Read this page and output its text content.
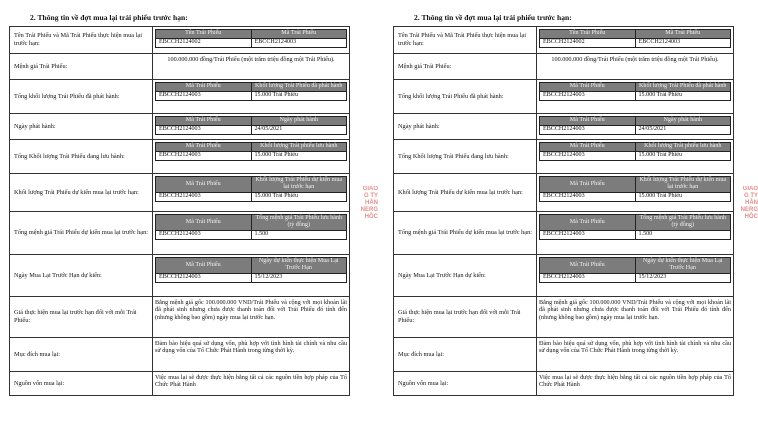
2. Thông tin về đợt mua lại trái phiếu trước hạn:
Tên Trái Phiếu và Mã Trái Phiếu thực hiện mua lại trước hạn:	
Tên Trái Phiếu	Mã Trái Phiếu
EBCCH2124002	EBCCH2124003

Mệnh giá Trái Phiếu:	
100.000.000 đồng/Trái Phiếu (một trăm triệu đồng một Trái Phiếu).

Tổng khối lượng Trái Phiếu đã phát hành:	
Mã Trái Phiếu	Khối lượng Trái Phiếu đã phát hành
EBCCH2124003	15.000 Trái Phiếu

Ngày phát hành:	
Mã Trái Phiếu	Ngày phát hành
EBCCH2124003	24/05/2021

Tổng Khối lượng Trái Phiếu đang lưu hành:	
Mã Trái Phiếu	Khối lượng Trái phiếu lưu hành
EBCCH2124003	15.000 Trái Phiếu

Khối lượng Trái Phiếu dự kiến mua lại trước hạn:	
Mã Trái Phiếu	Khối lượng Trái Phiếu dự kiến mua lại trước hạn
EBCCH2124003	15.000 Trái Phiếu

Tổng mệnh giá Trái Phiếu dự kiến mua lại trước hạn:	
Mã Trái Phiếu	Tổng mệnh giá Trái Phiếu lưu hành (tỷ đồng)
EBCCH2124003	1.500

Ngày Mua Lại Trước Hạn dự kiến:	
Mã Trái Phiếu	Ngày dự kiến thực hiện Mua Lại Trước Hạn
EBCCH2124003	15/12/2023

Giá thực hiện mua lại trước hạn đối với mỗi Trái Phiếu:	
Bằng mệnh giá gốc 100.000.000 VND/Trái Phiếu và cộng với mọi khoản lãi đã phát sinh nhưng chưa được thanh toán đối với Trái Phiếu đó tính đến (nhưng không bao gồm) ngày mua lại trước hạn.

Mục đích mua lại:	
Đảm bảo hiệu quả sử dụng vốn, phù hợp với tình hình tài chính và nhu cầu sử dụng vốn của Tổ Chức Phát Hành trong từng thời kỳ.

Nguồn vốn mua lại:	
Việc mua lại sẽ được thực hiện bằng tất cả các nguồn tiền hợp pháp của Tổ Chức Phát Hành
2. Thông tin về đợt mua lại trái phiếu trước hạn:
Tên Trái Phiếu và Mã Trái Phiếu thực hiện mua lại trước hạn:	
Tên Trái Phiếu	Mã Trái Phiếu
EBCCH2124002	EBCCH2124003

Mệnh giá Trái Phiếu:	
100.000.000 đồng/Trái Phiếu (một trăm triệu đồng một Trái Phiếu).

Tổng khối lượng Trái Phiếu đã phát hành:	
Mã Trái Phiếu	Khối lượng Trái Phiếu đã phát hành
EBCCH2124003	15.000 Trái Phiếu

Ngày phát hành:	
Mã Trái Phiếu	Ngày phát hành
EBCCH2124003	24/05/2021

Tổng Khối lượng Trái Phiếu đang lưu hành:	
Mã Trái Phiếu	Khối lượng Trái phiếu lưu hành
EBCCH2124003	15.000 Trái Phiếu

Khối lượng Trái Phiếu dự kiến mua lại trước hạn:	
Mã Trái Phiếu	Khối lượng Trái Phiếu dự kiến mua lại trước hạn
EBCCH2124003	15.000 Trái Phiếu

Tổng mệnh giá Trái Phiếu dự kiến mua lại trước hạn:	
Mã Trái Phiếu	Tổng mệnh giá Trái Phiếu lưu hành (tỷ đồng)
EBCCH2124003	1.500

Ngày Mua Lại Trước Hạn dự kiến:	
Mã Trái Phiếu	Ngày dự kiến thực hiện Mua Lại Trước Hạn
EBCCH2124003	15/12/2023

Giá thực hiện mua lại trước hạn đối với mỗi Trái Phiếu:	
Bằng mệnh giá gốc 100.000.000 VND/Trái Phiếu và cộng với mọi khoản lãi đã phát sinh nhưng chưa được thanh toán đối với Trái Phiếu đó tính đến (nhưng không bao gồm) ngày mua lại trước hạn.

Mục đích mua lại:	
Đảm bảo hiệu quả sử dụng vốn, phù hợp với tình hình tài chính và nhu cầu sử dụng vốn của Tổ Chức Phát Hành trong từng thời kỳ.

Nguồn vốn mua lại:	
Việc mua lại sẽ được thực hiện bằng tất cả các nguồn tiền hợp pháp của Tổ Chức Phát Hành
GIAO
G TY
HẦN
NERG
HÔC
GIAO
G TY
HẦN
NERG
HÔC
